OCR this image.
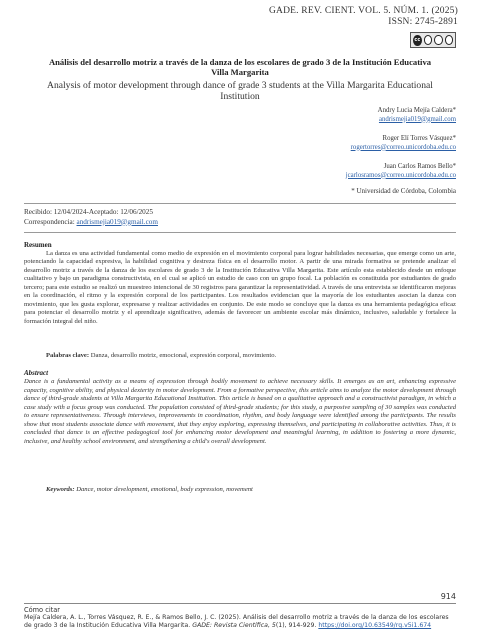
GADE. REV. CIENT. VOL. 5. NÚM. 1. (2025)
ISSN: 2745-2891
cc
Análisis del desarrollo motriz a través de la danza de los escolares de grado 3 de la Institución Educativa Villa Margarita
Analysis of motor development through dance of grade 3 students at the Villa Margarita Educational Institution
Andry Lucia Mejía Caldera*
andrismejia019@gmail.com
Roger Elí Torres Vásquez*
rogertorres@correo.unicordoba.edu.co
Juan Carlos Ramos Bello*
jcarlosramos@correo.unicordoba.edu.co
* Universidad de Córdoba, Colombia
Recibido: 12/04/2024-Aceptado: 12/06/2025
Correspondencia: andrismejia019@gmail.com
Resumen

La danza es una actividad fundamental como medio de expresión en el movimiento corporal para lograr habilidades necesarias, que emerge como un arte, potenciando la capacidad expresiva, la habilidad cognitiva y destreza física en el desarrollo motor. A partir de una mirada formativa se pretende analizar el desarrollo motriz a través de la danza de los escolares de grado 3 de la Institución Educativa Villa Margarita. Este artículo esta establecido desde un enfoque cualitativo y bajo un paradigma constructivista, en el cual se aplicó un estudio de caso con un grupo focal. La población es constituida por estudiantes de grado tercero; para este estudio se realizó un muestreo intencional de 30 registros para garantizar la representatividad. A través de una entrevista se identificaron mejoras en la coordinación, el ritmo y la expresión corporal de los participantes. Los resultados evidencian que la mayoría de los estudiantes asocian la danza con movimiento, que les gusta explorar, expresarse y realizar actividades en conjunto. De este modo se concluye que la danza es una herramienta pedagógica eficaz para potenciar el desarrollo motriz y el aprendizaje significativo, además de favorecer un ambiente escolar más dinámico, inclusivo, saludable y fortalece la formación integral del niño.

Palabras clave: Danza, desarrollo motriz, emocional, expresión corporal, movimiento.
Abstract

Dance is a fundamental activity as a means of expression through bodily movement to achieve necessary skills. It emerges as an art, enhancing expressive capacity, cognitive ability, and physical dexterity in motor development. From a formative perspective, this article aims to analyze the motor development through dance of third-grade students at Villa Margarita Educational Institution. This article is based on a qualitative approach and a constructivist paradigm, in which a case study with a focus group was conducted. The population consisted of third-grade students; for this study, a purposive sampling of 30 samples was conducted to ensure representativeness. Through interviews, improvements in coordination, rhythm, and body language were identified among the participants. The results show that most students associate dance with movement, that they enjoy exploring, expressing themselves, and participating in collaborative activities. Thus, it is concluded that dance is an effective pedagogical tool for enhancing motor development and meaningful learning, in addition to fostering a more dynamic, inclusive, and healthy school environment, and strengthening a child's overall development.

Keywords: Dance, motor development, emotional, body expression, movement
914
Cómo citar
Mejía Caldera, A. L., Torres Vásquez, R. E., & Ramos Bello, J. C. (2025). Análisis del desarrollo motriz a través de la danza de los escolares de grado 3 de la Institución Educativa Villa Margarita. GADE: Revista Científica, 5(1), 914-929. https://doi.org/10.63549/rg.v5i1.674
